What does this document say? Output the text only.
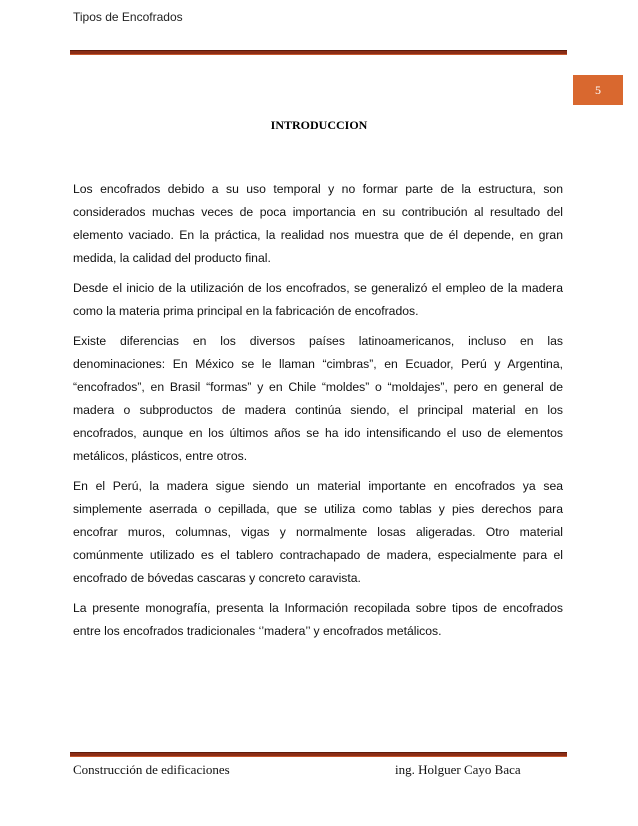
Tipos de Encofrados
5
INTRODUCCION

Los encofrados debido a su uso temporal y no formar parte de la estructura, son considerados muchas veces de poca importancia en su contribución al resultado del elemento vaciado. En la práctica, la realidad nos muestra que de él depende, en gran medida, la calidad del producto final.

Desde el inicio de la utilización de los encofrados, se generalizó el empleo de la madera como la materia prima principal en la fabricación de encofrados.

Existe diferencias en los diversos países latinoamericanos, incluso en las denominaciones: En México se le llaman “cimbras”, en Ecuador, Perú y Argentina, “encofrados”, en Brasil “formas” y en Chile “moldes” o “moldajes”, pero en general de madera o subproductos de madera continúa siendo, el principal material en los encofrados, aunque en los últimos años se ha ido intensificando el uso de elementos metálicos, plásticos, entre otros.

En el Perú, la madera sigue siendo un material importante en encofrados ya sea simplemente aserrada o cepillada, que se utiliza como tablas y pies derechos para encofrar muros, columnas, vigas y normalmente losas aligeradas. Otro material comúnmente utilizado es el tablero contrachapado de madera, especialmente para el encofrado de bóvedas cascaras y concreto caravista.

La presente monografía, presenta la Información recopilada sobre tipos de encofrados entre los encofrados tradicionales ‘’madera’’ y encofrados metálicos.

Construcción de edificaciones	ing. Holguer Cayo Baca
